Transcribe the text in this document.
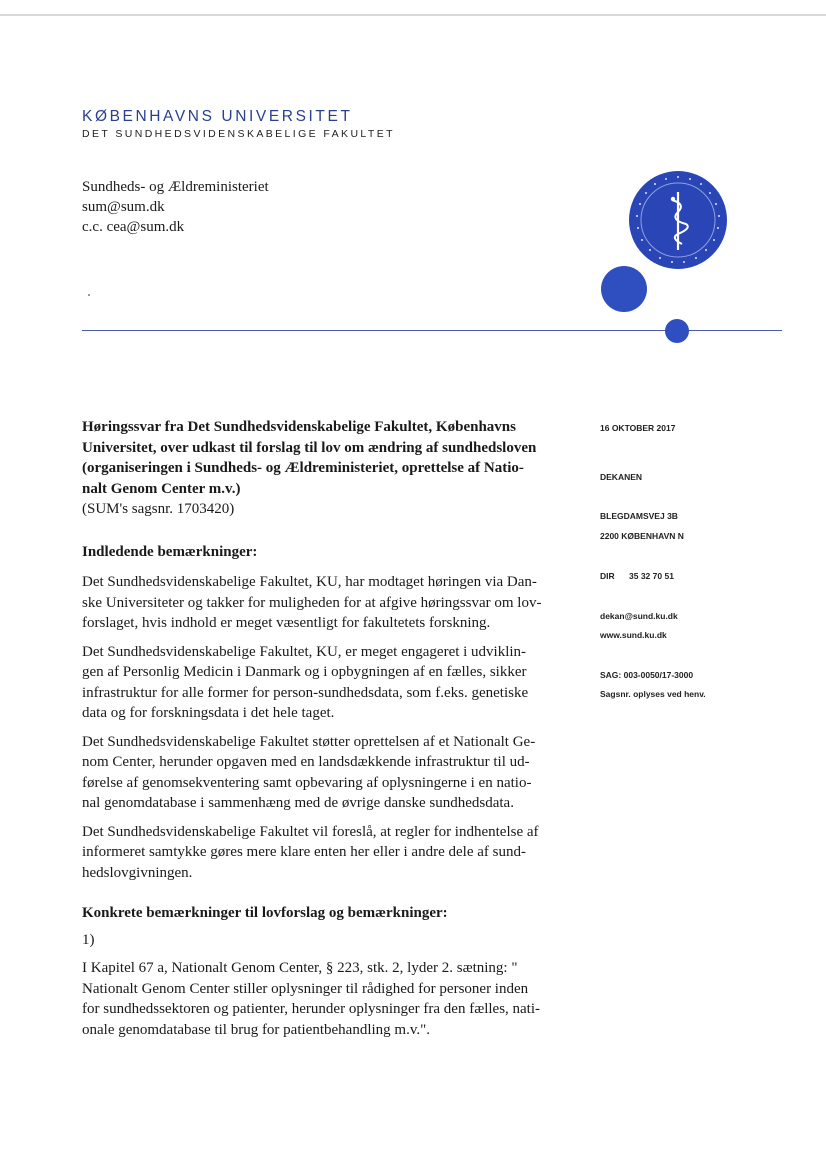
KØBENHAVNS UNIVERSITET
DET SUNDHEDSVIDENSKABELIGE FAKULTET
Sundheds- og Ældreministeriet
sum@sum.dk
c.c. cea@sum.dk
Høringssvar fra Det Sundhedsvidenskabelige Fakultet, Københavns
Universitet, over udkast til forslag til lov om ændring af sundhedsloven
(organiseringen i Sundheds- og Ældreministeriet, oprettelse af Natio-
nalt Genom Center m.v.)
(SUM's sagsnr. 1703420)
Indledende bemærkninger:
Det Sundhedsvidenskabelige Fakultet, KU, har modtaget høringen via Dan-
ske Universiteter og takker for muligheden for at afgive høringssvar om lov-
forslaget, hvis indhold er meget væsentligt for fakultetets forskning.
Det Sundhedsvidenskabelige Fakultet, KU, er meget engageret i udviklin-
gen af Personlig Medicin i Danmark og i opbygningen af en fælles, sikker
infrastruktur for alle former for person-sundhedsdata, som f.eks. genetiske
data og for forskningsdata i det hele taget.
Det Sundhedsvidenskabelige Fakultet støtter oprettelsen af et Nationalt Ge-
nom Center, herunder opgaven med en landsdækkende infrastruktur til ud-
førelse af genomsekventering samt opbevaring af oplysningerne i en natio-
nal genomdatabase i sammenhæng med de øvrige danske sundhedsdata.
Det Sundhedsvidenskabelige Fakultet vil foreslå, at regler for indhentelse af
informeret samtykke gøres mere klare enten her eller i andre dele af sund-
hedslovgivningen.
Konkrete bemærkninger til lovforslag og bemærkninger:
1)
I Kapitel 67 a, Nationalt Genom Center, § 223, stk. 2, lyder 2. sætning: "
Nationalt Genom Center stiller oplysninger til rådighed for personer inden
for sundhedssektoren og patienter, herunder oplysninger fra den fælles, nati-
onale genomdatabase til brug for patientbehandling m.v.".
16 OKTOBER 2017
DEKANEN
BLEGDAMSVEJ 3B
2200 KØBENHAVN N
DIR 35 32 70 51
dekan@sund.ku.dk
www.sund.ku.dk
SAG: 003-0050/17-3000
Sagsnr. oplyses ved henv.
